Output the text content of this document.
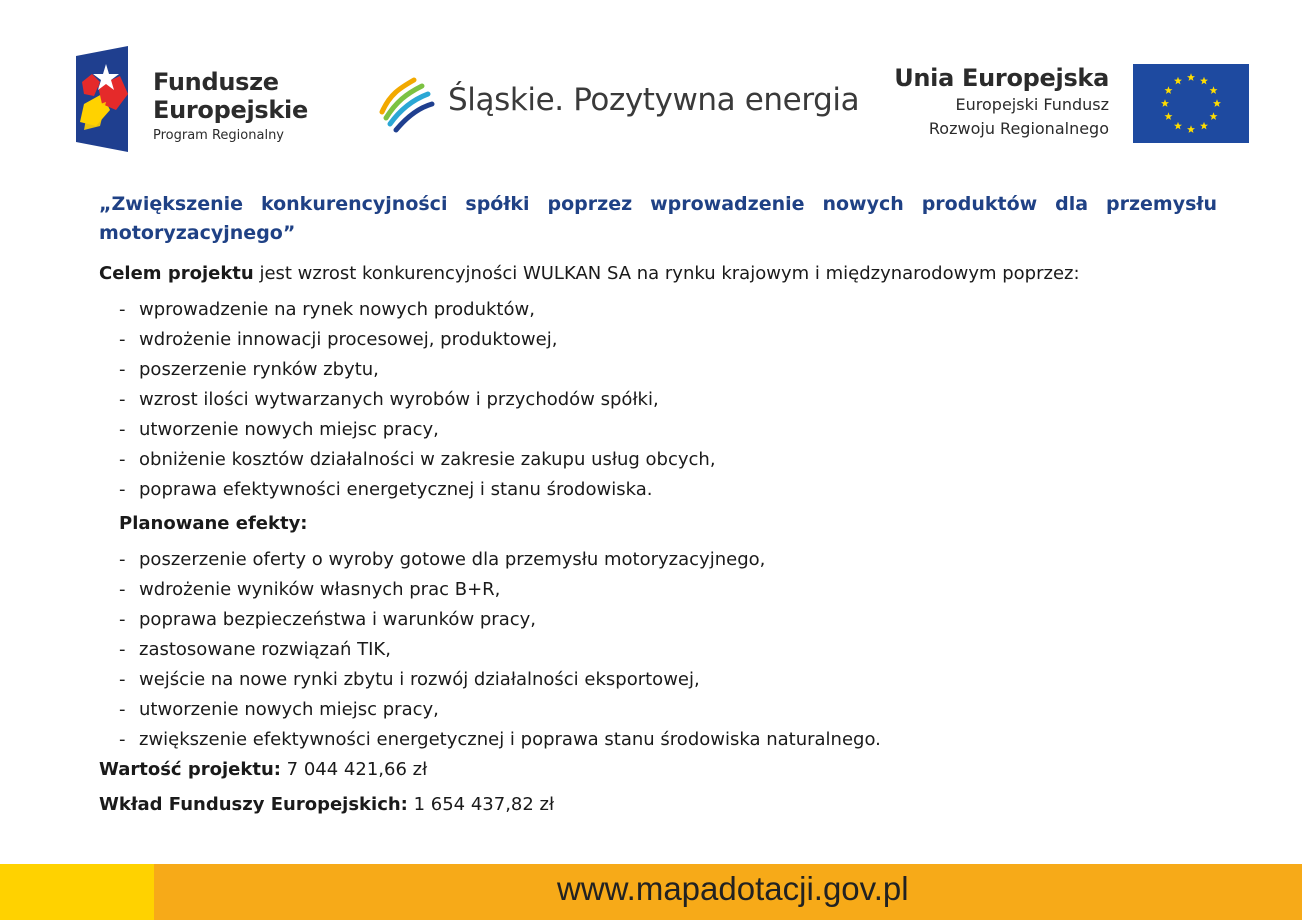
Fundusze
Europejskie
Program Regionalny
Śląskie. Pozytywna energia
Unia Europejska
Europejski Fundusz
Rozwoju Regionalnego

„Zwiększenie konkurencyjności spółki poprzez wprowadzenie nowych produktów dla przemysłu motoryzacyjnego”

Celem projektu jest wzrost konkurencyjności WULKAN SA na rynku krajowym i międzynarodowym poprzez:

- wprowadzenie na rynek nowych produktów,
- wdrożenie innowacji procesowej, produktowej,
- poszerzenie rynków zbytu,
- wzrost ilości wytwarzanych wyrobów i przychodów spółki,
- utworzenie nowych miejsc pracy,
- obniżenie kosztów działalności w zakresie zakupu usług obcych,
- poprawa efektywności energetycznej i stanu środowiska.

Planowane efekty:

- poszerzenie oferty o wyroby gotowe dla przemysłu motoryzacyjnego,
- wdrożenie wyników własnych prac B+R,
- poprawa bezpieczeństwa i warunków pracy,
- zastosowane rozwiązań TIK,
- wejście na nowe rynki zbytu i rozwój działalności eksportowej,
- utworzenie nowych miejsc pracy,
- zwiększenie efektywności energetycznej i poprawa stanu środowiska naturalnego.

Wartość projektu: 7 044 421,66 zł

Wkład Funduszy Europejskich: 1 654 437,82 zł

www.mapadotacji.gov.pl
